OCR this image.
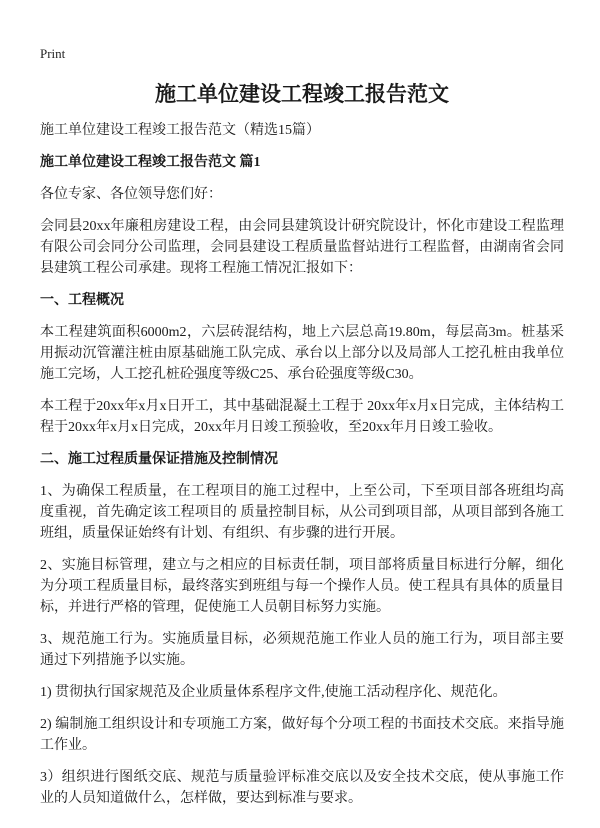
Print
施工单位建设工程竣工报告范文

施工单位建设工程竣工报告范文（精选15篇）

施工单位建设工程竣工报告范文 篇1

各位专家、各位领导您们好：

会同县20xx年廉租房建设工程，由会同县建筑设计研究院设计，怀化市建设工程监理有限公司会同分公司监理，会同县建设工程质量监督站进行工程监督，由湖南省会同县建筑工程公司承建。现将工程施工情况汇报如下：

一、工程概况

本工程建筑面积6000m2，六层砖混结构，地上六层总高19.80m，每层高3m。桩基采用振动沉管灌注桩由原基础施工队完成、承台以上部分以及局部人工挖孔桩由我单位施工完场，人工挖孔桩砼强度等级C25、承台砼强度等级C30。

本工程于20xx年x月x日开工，其中基础混凝土工程于 20xx年x月x日完成，主体结构工程于20xx年x月x日完成，20xx年月日竣工预验收，至20xx年月日竣工验收。

二、施工过程质量保证措施及控制情况

1、为确保工程质量，在工程项目的施工过程中，上至公司，下至项目部各班组均高度重视，首先确定该工程项目的 质量控制目标，从公司到项目部，从项目部到各施工班组，质量保证始终有计划、有组织、有步骤的进行开展。

2、实施目标管理，建立与之相应的目标责任制，项目部将质量目标进行分解，细化为分项工程质量目标，最终落实到班组与每一个操作人员。使工程具有具体的质量目标，并进行严格的管理，促使施工人员朝目标努力实施。

3、规范施工行为。实施质量目标，必须规范施工作业人员的施工行为，项目部主要通过下列措施予以实施。

1) 贯彻执行国家规范及企业质量体系程序文件,使施工活动程序化、规范化。

2) 编制施工组织设计和专项施工方案，做好每个分项工程的书面技术交底。来指导施工作业。

3）组织进行图纸交底、规范与质量验评标准交底以及安全技术交底，使从事施工作业的人员知道做什么，怎样做，要达到标准与要求。
